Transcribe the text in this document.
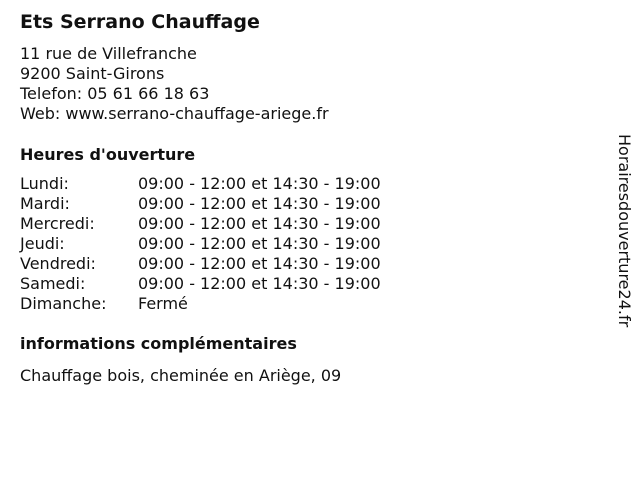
Ets Serrano Chauffage
11 rue de Villefranche
9200 Saint-Girons
Telefon: 05 61 66 18 63
Web: www.serrano-chauffage-ariege.fr
Heures d'ouverture
Lundi:	09:00 - 12:00 et 14:30 - 19:00
Mardi:	09:00 - 12:00 et 14:30 - 19:00
Mercredi:	09:00 - 12:00 et 14:30 - 19:00
Jeudi:	09:00 - 12:00 et 14:30 - 19:00
Vendredi:	09:00 - 12:00 et 14:30 - 19:00
Samedi:	09:00 - 12:00 et 14:30 - 19:00
Dimanche: Fermé
informations complémentaires
Chauffage bois, cheminée en Ariège, 09
Horairesdouverture24.fr
